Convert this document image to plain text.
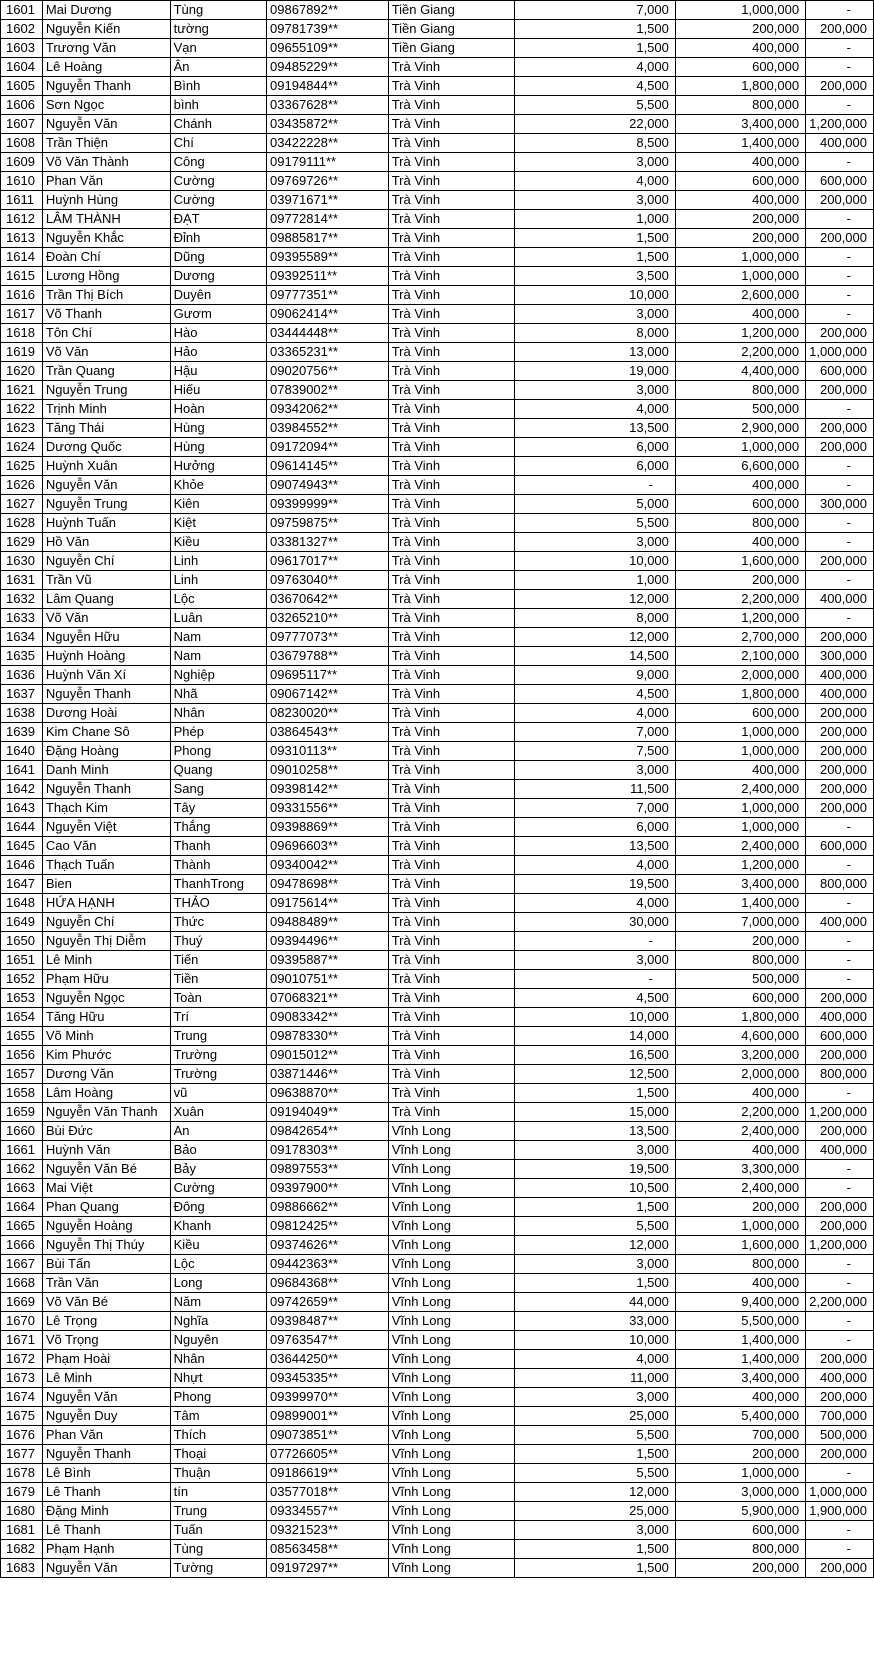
1601	Mai Dương	Tùng	09867892**	Tiền Giang	7,000	1,000,000	-
1602	Nguyễn Kiến	tường	09781739**	Tiền Giang	1,500	200,000	200,000
1603	Trương Văn	Vạn	09655109**	Tiền Giang	1,500	400,000	-
1604	Lê Hoàng	Ân	09485229**	Trà Vinh	4,000	600,000	-
1605	Nguyễn Thanh	Bình	09194844**	Trà Vinh	4,500	1,800,000	200,000
1606	Sơn Ngọc	bình	03367628**	Trà Vinh	5,500	800,000	-
1607	Nguyễn Văn	Chánh	03435872**	Trà Vinh	22,000	3,400,000	1,200,000
1608	Trần Thiện	Chí	03422228**	Trà Vinh	8,500	1,400,000	400,000
1609	Võ Văn Thành	Công	09179111**	Trà Vinh	3,000	400,000	-
1610	Phan Văn	Cường	09769726**	Trà Vinh	4,000	600,000	600,000
1611	Huỳnh Hùng	Cường	03971671**	Trà Vinh	3,000	400,000	200,000
1612	LÂM THÀNH	ĐẠT	09772814**	Trà Vinh	1,000	200,000	-
1613	Nguyễn Khắc	Đỉnh	09885817**	Trà Vinh	1,500	200,000	200,000
1614	Đoàn Chí	Dũng	09395589**	Trà Vinh	1,500	1,000,000	-
1615	Lương Hồng	Dương	09392511**	Trà Vinh	3,500	1,000,000	-
1616	Trần Thị Bích	Duyên	09777351**	Trà Vinh	10,000	2,600,000	-
1617	Võ Thanh	Gươm	09062414**	Trà Vinh	3,000	400,000	-
1618	Tôn Chí	Hào	03444448**	Trà Vinh	8,000	1,200,000	200,000
1619	Võ Văn	Hảo	03365231**	Trà Vinh	13,000	2,200,000	1,000,000
1620	Trần Quang	Hậu	09020756**	Trà Vinh	19,000	4,400,000	600,000
1621	Nguyễn Trung	Hiếu	07839002**	Trà Vinh	3,000	800,000	200,000
1622	Trịnh Minh	Hoàn	09342062**	Trà Vinh	4,000	500,000	-
1623	Tăng Thái	Hùng	03984552**	Trà Vinh	13,500	2,900,000	200,000
1624	Dương Quốc	Hùng	09172094**	Trà Vinh	6,000	1,000,000	200,000
1625	Huỳnh Xuân	Hưởng	09614145**	Trà Vinh	6,000	6,600,000	-
1626	Nguyễn Văn	Khỏe	09074943**	Trà Vinh	-	400,000	-
1627	Nguyễn Trung	Kiên	09399999**	Trà Vinh	5,000	600,000	300,000
1628	Huỳnh Tuấn	Kiệt	09759875**	Trà Vinh	5,500	800,000	-
1629	Hồ Văn	Kiều	03381327**	Trà Vinh	3,000	400,000	-
1630	Nguyễn Chí	Linh	09617017**	Trà Vinh	10,000	1,600,000	200,000
1631	Trần Vũ	Linh	09763040**	Trà Vinh	1,000	200,000	-
1632	Lâm Quang	Lộc	03670642**	Trà Vinh	12,000	2,200,000	400,000
1633	Võ Văn	Luân	03265210**	Trà Vinh	8,000	1,200,000	-
1634	Nguyễn Hữu	Nam	09777073**	Trà Vinh	12,000	2,700,000	200,000
1635	Huỳnh Hoàng	Nam	03679788**	Trà Vinh	14,500	2,100,000	300,000
1636	Huỳnh Văn Xí	Nghiệp	09695117**	Trà Vinh	9,000	2,000,000	400,000
1637	Nguyễn Thanh	Nhã	09067142**	Trà Vinh	4,500	1,800,000	400,000
1638	Dương Hoài	Nhân	08230020**	Trà Vinh	4,000	600,000	200,000
1639	Kim Chane Sô	Phép	03864543**	Trà Vinh	7,000	1,000,000	200,000
1640	Đặng Hoàng	Phong	09310113**	Trà Vinh	7,500	1,000,000	200,000
1641	Danh Minh	Quang	09010258**	Trà Vinh	3,000	400,000	200,000
1642	Nguyễn Thanh	Sang	09398142**	Trà Vinh	11,500	2,400,000	200,000
1643	Thạch Kim	Tây	09331556**	Trà Vinh	7,000	1,000,000	200,000
1644	Nguyễn Việt	Thắng	09398869**	Trà Vinh	6,000	1,000,000	-
1645	Cao Văn	Thanh	09696603**	Trà Vinh	13,500	2,400,000	600,000
1646	Thạch Tuấn	Thành	09340042**	Trà Vinh	4,000	1,200,000	-
1647	Bien	ThanhTrong	09478698**	Trà Vinh	19,500	3,400,000	800,000
1648	HỨA HẠNH	THẢO	09175614**	Trà Vinh	4,000	1,400,000	-
1649	Nguyễn Chí	Thức	09488489**	Trà Vinh	30,000	7,000,000	400,000
1650	Nguyễn Thị Diễm	Thuý	09394496**	Trà Vinh	-	200,000	-
1651	Lê Minh	Tiến	09395887**	Trà Vinh	3,000	800,000	-
1652	Phạm Hữu	Tiền	09010751**	Trà Vinh	-	500,000	-
1653	Nguyễn Ngọc	Toàn	07068321**	Trà Vinh	4,500	600,000	200,000
1654	Tăng Hữu	Trí	09083342**	Trà Vinh	10,000	1,800,000	400,000
1655	Võ Minh	Trung	09878330**	Trà Vinh	14,000	4,600,000	600,000
1656	Kim Phước	Trường	09015012**	Trà Vinh	16,500	3,200,000	200,000
1657	Dương Văn	Trường	03871446**	Trà Vinh	12,500	2,000,000	800,000
1658	Lâm Hoàng	vũ	09638870**	Trà Vinh	1,500	400,000	-
1659	Nguyễn Văn Thanh	Xuân	09194049**	Trà Vinh	15,000	2,200,000	1,200,000
1660	Bùi Đức	An	09842654**	Vĩnh Long	13,500	2,400,000	200,000
1661	Huỳnh Văn	Bảo	09178303**	Vĩnh Long	3,000	400,000	400,000
1662	Nguyễn Văn Bé	Bảy	09897553**	Vĩnh Long	19,500	3,300,000	-
1663	Mai Việt	Cường	09397900**	Vĩnh Long	10,500	2,400,000	-
1664	Phan Quang	Đông	09886662**	Vĩnh Long	1,500	200,000	200,000
1665	Nguyễn Hoàng	Khanh	09812425**	Vĩnh Long	5,500	1,000,000	200,000
1666	Nguyễn Thị Thúy	Kiều	09374626**	Vĩnh Long	12,000	1,600,000	1,200,000
1667	Bùi Tấn	Lộc	09442363**	Vĩnh Long	3,000	800,000	-
1668	Trần Văn	Long	09684368**	Vĩnh Long	1,500	400,000	-
1669	Võ Văn Bé	Năm	09742659**	Vĩnh Long	44,000	9,400,000	2,200,000
1670	Lê Trọng	Nghĩa	09398487**	Vĩnh Long	33,000	5,500,000	-
1671	Võ Trọng	Nguyên	09763547**	Vĩnh Long	10,000	1,400,000	-
1672	Phạm Hoài	Nhân	03644250**	Vĩnh Long	4,000	1,400,000	200,000
1673	Lê Minh	Nhựt	09345335**	Vĩnh Long	11,000	3,400,000	400,000
1674	Nguyễn Văn	Phong	09399970**	Vĩnh Long	3,000	400,000	200,000
1675	Nguyễn Duy	Tâm	09899001**	Vĩnh Long	25,000	5,400,000	700,000
1676	Phan Văn	Thích	09073851**	Vĩnh Long	5,500	700,000	500,000
1677	Nguyễn Thanh	Thoại	07726605**	Vĩnh Long	1,500	200,000	200,000
1678	Lê Bình	Thuận	09186619**	Vĩnh Long	5,500	1,000,000	-
1679	Lê Thanh	tín	03577018**	Vĩnh Long	12,000	3,000,000	1,000,000
1680	Đặng Minh	Trung	09334557**	Vĩnh Long	25,000	5,900,000	1,900,000
1681	Lê Thanh	Tuấn	09321523**	Vĩnh Long	3,000	600,000	-
1682	Phạm Hạnh	Tùng	08563458**	Vĩnh Long	1,500	800,000	-
1683	Nguyễn Văn	Tường	09197297**	Vĩnh Long	1,500	200,000	200,000
